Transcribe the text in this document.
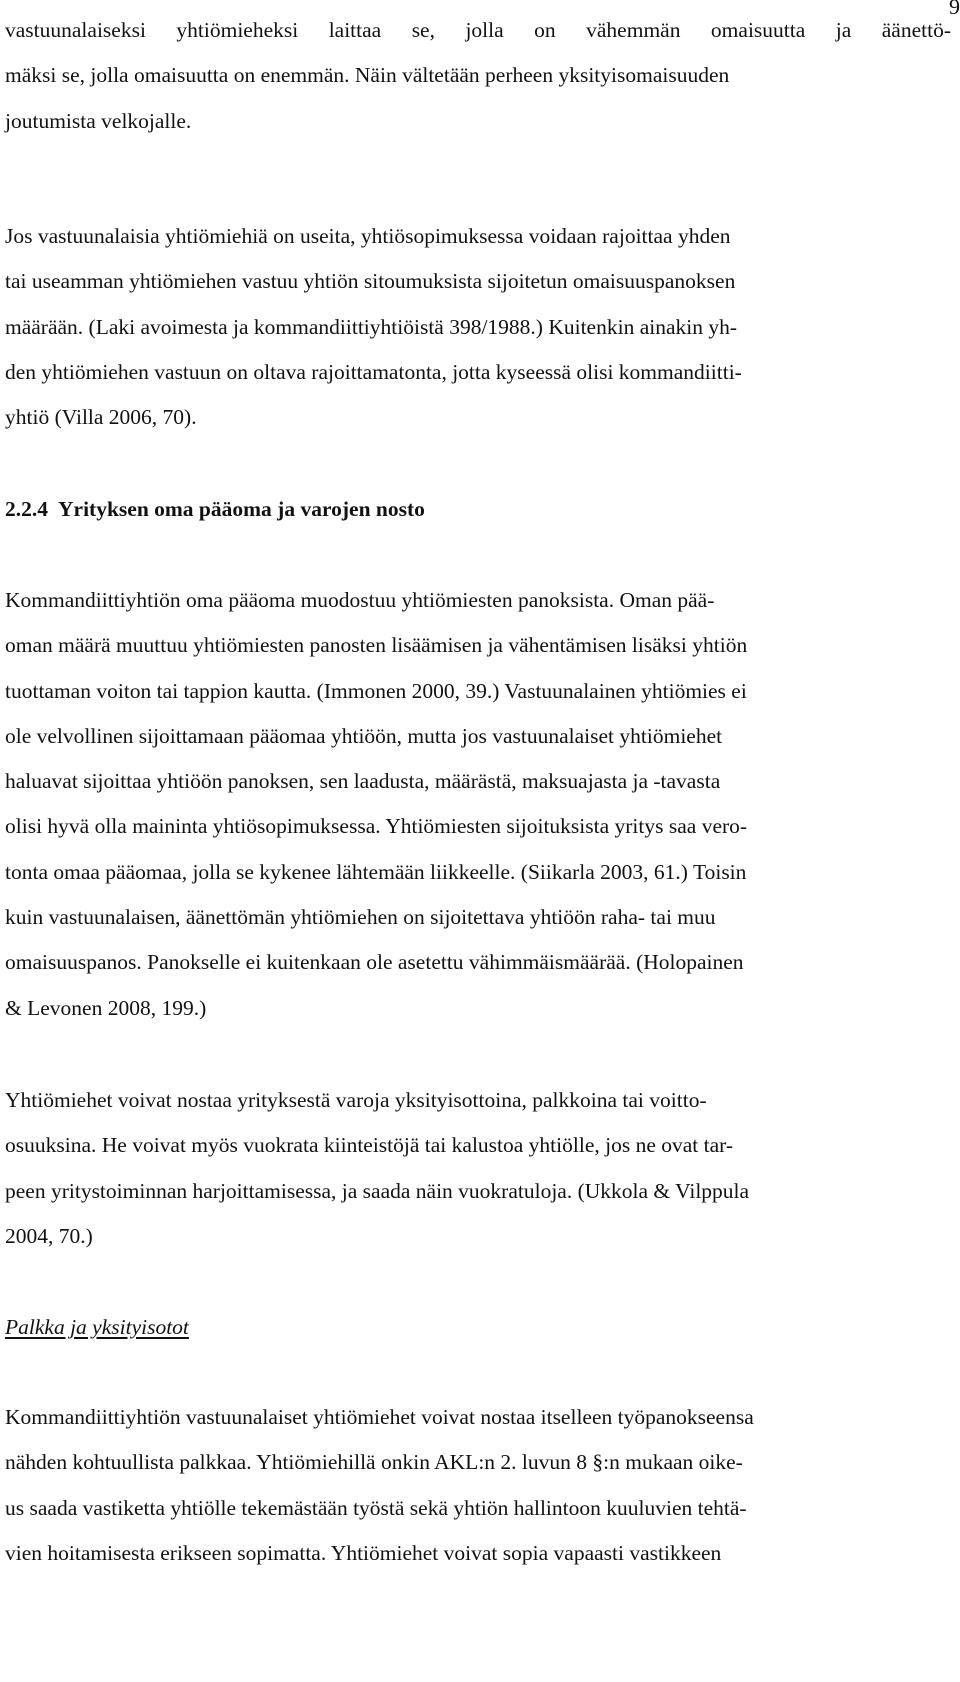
9
vastuunalaiseksi yhtiömieheksi laittaa se, jolla on vähemmän omaisuutta ja äänettö-
mäksi se, jolla omaisuutta on enemmän. Näin vältetään perheen yksityisomaisuuden
joutumista velkojalle.
Jos vastuunalaisia yhtiömiehiä on useita, yhtiösopimuksessa voidaan rajoittaa yhden
tai useamman yhtiömiehen vastuu yhtiön sitoumuksista sijoitetun omaisuuspanoksen
määrään. (Laki avoimesta ja kommandiittiyhtiöistä 398/1988.) Kuitenkin ainakin yh-
den yhtiömiehen vastuun on oltava rajoittamatonta, jotta kyseessä olisi kommandiitti-
yhtiö (Villa 2006, 70).
2.2.4 Yrityksen oma pääoma ja varojen nosto
Kommandiittiyhtiön oma pääoma muodostuu yhtiömiesten panoksista. Oman pää-
oman määrä muuttuu yhtiömiesten panosten lisäämisen ja vähentämisen lisäksi yhtiön
tuottaman voiton tai tappion kautta. (Immonen 2000, 39.) Vastuunalainen yhtiömies ei
ole velvollinen sijoittamaan pääomaa yhtiöön, mutta jos vastuunalaiset yhtiömiehet
haluavat sijoittaa yhtiöön panoksen, sen laadusta, määrästä, maksuajasta ja -tavasta
olisi hyvä olla maininta yhtiösopimuksessa. Yhtiömiesten sijoituksista yritys saa vero-
tonta omaa pääomaa, jolla se kykenee lähtemään liikkeelle. (Siikarla 2003, 61.) Toisin
kuin vastuunalaisen, äänettömän yhtiömiehen on sijoitettava yhtiöön raha- tai muu
omaisuuspanos. Panokselle ei kuitenkaan ole asetettu vähimmäismäärää. (Holopainen
& Levonen 2008, 199.)
Yhtiömiehet voivat nostaa yrityksestä varoja yksityisottoina, palkkoina tai voitto-
osuuksina. He voivat myös vuokrata kiinteistöjä tai kalustoa yhtiölle, jos ne ovat tar-
peen yritystoiminnan harjoittamisessa, ja saada näin vuokratuloja. (Ukkola & Vilppula
2004, 70.)
Palkka ja yksityisotot
Kommandiittiyhtiön vastuunalaiset yhtiömiehet voivat nostaa itselleen työpanokseensa
nähden kohtuullista palkkaa. Yhtiömiehillä onkin AKL:n 2. luvun 8 §:n mukaan oike-
us saada vastiketta yhtiölle tekemästään työstä sekä yhtiön hallintoon kuuluvien tehtä-
vien hoitamisesta erikseen sopimatta. Yhtiömiehet voivat sopia vapaasti vastikkeen
